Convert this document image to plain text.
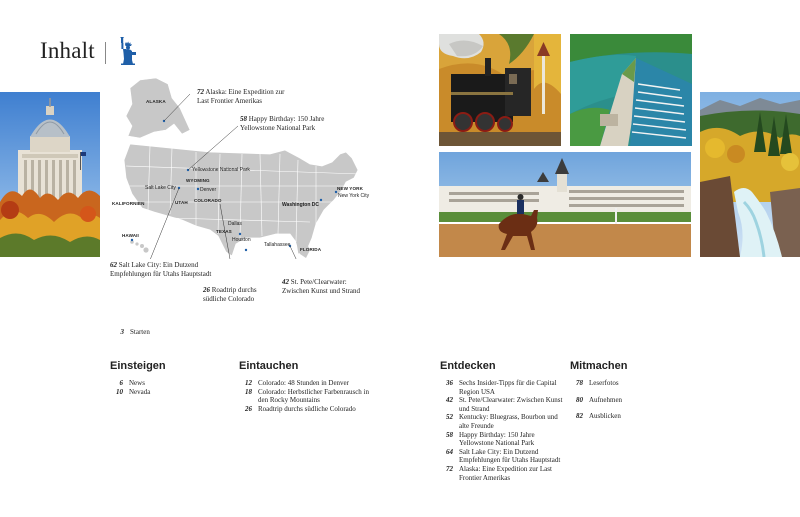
Inhalt
ALASKA
WYOMING
KALIFORNIEN	UTAH COLORADO
TEXAS
HAWAII
FLORIDA
NEW YORK
Yellowstone National Park
Salt Lake City	Denver
Washington DC
Dallas
Houston
Tallahassee
New York City
72 Alaska: Eine Expedition zur Last Frontier Amerikas
58 Happy Birthday: 150 Jahre Yellowstone National Park
62 Salt Lake City: Ein Dutzend Empfehlungen für Utahs Hauptstadt
26 Roadtrip durchs südliche Colorado
42 St. Pete/Clearwater: Zwischen Kunst und Strand
3 Starten
Einsteigen
6 News
10 Nevada
Eintauchen
12 Colorado: 48 Stunden in Denver
18 Colorado: Herbstlicher Farbenrausch in den Rocky Mountains
26 Roadtrip durchs südliche Colorado
Entdecken
36 Sechs Insider-Tipps für die Capital Region USA
42 St. Pete/Clearwater: Zwischen Kunst und Strand
52 Kentucky: Bluegrass, Bourbon und alte Freunde
58 Happy Birthday: 150 Jahre Yellowstone National Park
64 Salt Lake City: Ein Dutzend Empfehlungen für Utahs Hauptstadt
72 Alaska: Eine Expedition zur Last Frontier Amerikas
Mitmachen
78 Leserfotos
80 Aufnehmen
82 Ausblicken
